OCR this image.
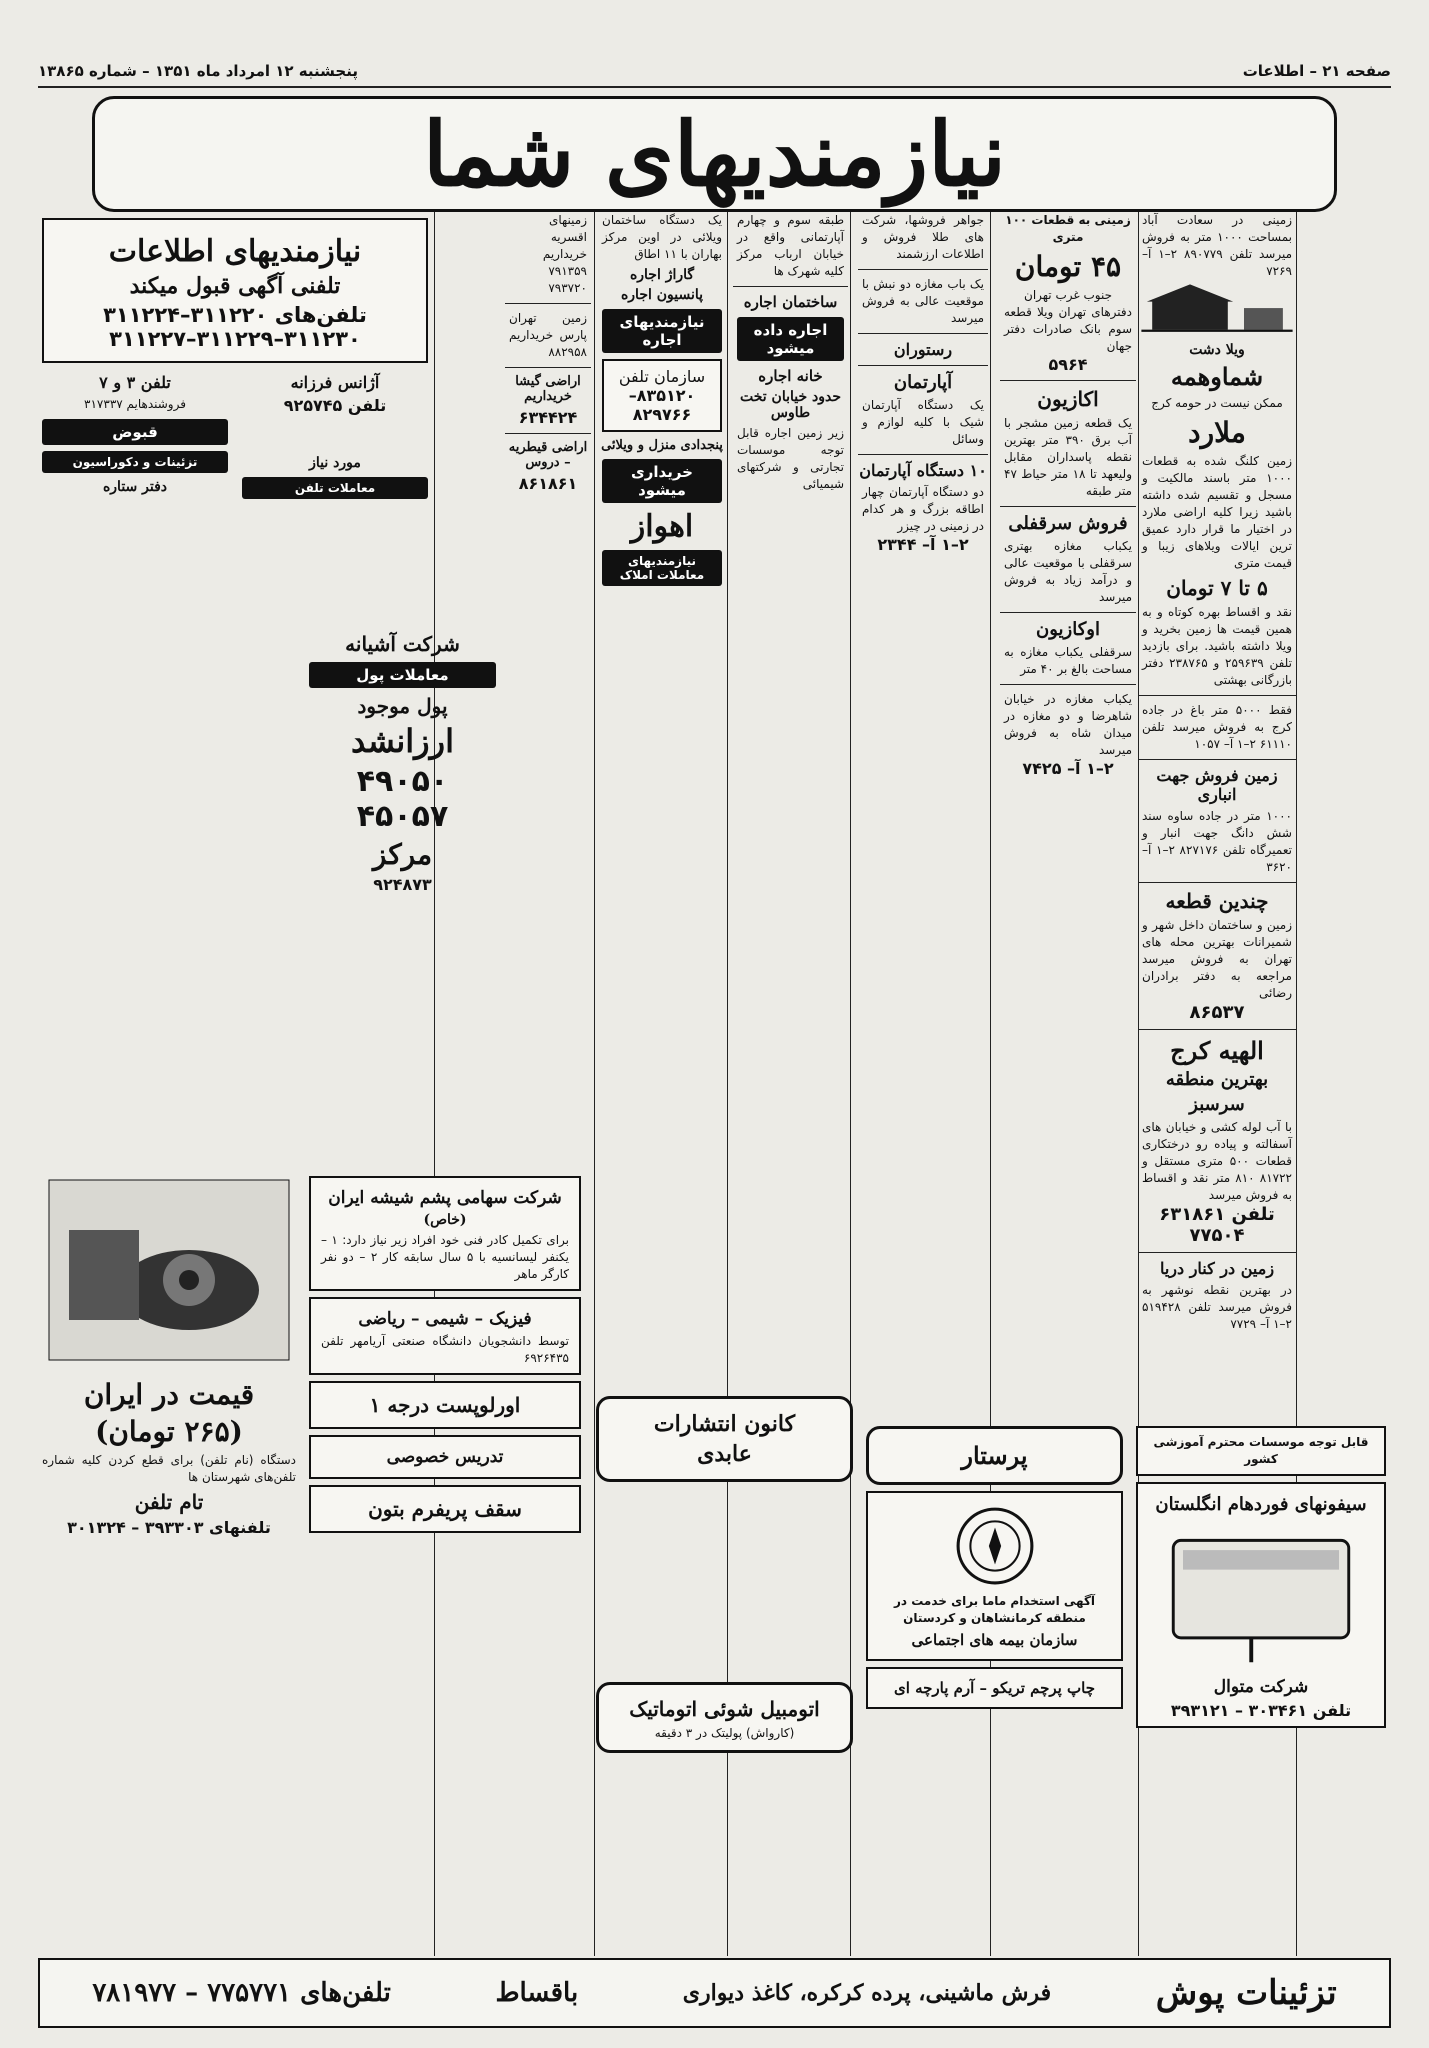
صفحه ۲۱ – اطلاعات
پنجشنبه ۱۲ امرداد ماه ۱۳۵۱ – شماره ۱۳۸۶۵
نیازمندیهای شما
زمینی در سعادت آباد بمساحت ۱۰۰۰ متر به فروش میرسد تلفن ۸۹۰۷۷۹ ۲–۱ آ– ۷۲۶۹
ویلا دشت
شماوهمه
ممکن نیست در حومه کرج
ملارد
زمین کلنگ شده به قطعات ۱۰۰۰ متر باسند مالکیت و مسجل و تقسیم شده داشته باشید زیرا کلیه اراضی ملارد در اختیار ما قرار دارد عمیق ترین ایالات ویلاهای زیبا و قیمت متری
۵ تا ۷ تومان
نقد و اقساط بهره کوتاه و به همین قیمت ها زمین بخرید و ویلا داشته باشید. برای بازدید تلفن ۲۵۹۶۳۹ و ۲۳۸۷۶۵ دفتر بازرگانی بهشتی
فقط ۵۰۰۰ متر باغ در جاده کرج به فروش میرسد تلفن ۶۱۱۱۰ ۲–۱ آ– ۱۰۵۷
زمین فروش جهت انباری
۱۰۰۰ متر در جاده ساوه سند شش دانگ جهت انبار و تعمیرگاه تلفن ۸۲۷۱۷۶ ۲–۱ آ– ۳۶۲۰
چندین قطعه
زمین و ساختمان داخل شهر و شمیرانات بهترین محله های تهران به فروش میرسد مراجعه به دفتر برادران رضائی
۸۶۵۳۷
الهیه کرج
بهترین منطقه
سرسبز
با آب لوله کشی و خیابان های آسفالته و پیاده رو درختکاری قطعات ۵۰۰ متری مستقل و ۸۱۷۲۲ ۸۱۰ متر نقد و اقساط به فروش میرسد
تلفن ۶۳۱۸۶۱
۷۷۵۰۴
زمین در کنار دریا
در بهترین نقطه نوشهر به فروش میرسد تلفن ۵۱۹۴۲۸ ۲–۱ آ– ۷۷۲۹
زمینی به قطعات ۱۰۰ متری
۴۵ تومان
جنوب غرب تهران
دفترهای تهران ویلا قطعه سوم بانک صادرات دفتر جهان
۵۹۶۴
اکازیون
یک قطعه زمین مشجر با آب برق ۳۹۰ متر بهترین نقطه پاسداران مقابل ولیعهد تا ۱۸ متر حیاط ۴۷ متر طبقه
فروش سرقفلی
یکباب مغازه بهتری سرقفلی با موقعیت عالی و درآمد زیاد به فروش میرسد
اوکازیون
سرقفلی یکباب مغازه به مساحت بالغ بر ۴۰ متر
یکباب مغازه در خیابان شاهرضا و دو مغازه در میدان شاه به فروش میرسد
۲–۱ آ– ۷۴۲۵
جواهر فروشها، شرکت های طلا فروش و اطلاعات ارزشمند
یک باب مغازه دو نبش با موقعیت عالی به فروش میرسد
رستوران
آپارتمان
یک دستگاه آپارتمان شیک با کلیه لوازم و وسائل
۱۰ دستگاه آپارتمان
دو دستگاه آپارتمان چهار اطاقه بزرگ و هر کدام در زمینی در چیزر
۲–۱ آ– ۲۳۴۴
طبقه سوم و چهارم آپارتمانی واقع در خیابان ارباب مرکز کلیه شهرک ها
ساختمان اجاره
اجاره داده میشود
خانه اجاره
حدود خیابان تخت طاوس
زیر زمین اجاره قابل توجه موسسات تجارتی و شرکتهای شیمیائی
یک دستگاه ساختمان ویلائی در اوین مرکز بهاران با ۱۱ اطاق
گاراژ اجاره
پانسیون اجاره
نیازمندیهای اجاره
سازمان تلفن
۸۳۵۱۲۰–۸۲۹۷۶۶
پنجدادی منزل و ویلائی
خریداری میشود
اهواز
نیازمندیهای معاملات املاک
زمینهای اقسریه خریداریم ۷۹۱۳۵۹ ۷۹۳۷۲۰
زمین تهران پارس خریداریم ۸۸۲۹۵۸
اراضی گیشا خریداریم
۶۳۴۴۲۴
اراضی قیطریه – دروس
۸۶۱۸۶۱
شرکت آشیانه
معاملات پول
پول موجود
ارزانشد
۴۹۰۵۰
۴۵۰۵۷
مرکز
۹۲۴۸۷۳
نیازمندیهای اطلاعات
تلفنی آگهی قبول میکند
تلفن‌های ۳۱۱۲۲۰–۳۱۱۲۲۴
۳۱۱۲۳۰–۳۱۱۲۲۹–۳۱۱۲۲۷
آژانس فرزانه
تلفن ۹۲۵۷۴۵
مورد نیاز
معاملات تلفن
تلفن ۳ و ۷
فروشندهایم ۳۱۷۳۳۷
قبوض
تزئینات و دکوراسیون
دفتر ستاره
قیمت در ایران
(۲۶۵ تومان)
دستگاه (نام تلفن) برای قطع کردن کلیه شماره تلفن‌های شهرستان ها
تام تلفن
تلفنهای ۳۹۳۳۰۳ – ۳۰۱۳۲۴
شرکت سهامی پشم شیشه ایران
(خاص)
برای تکمیل کادر فنی خود افراد زیر نیاز دارد: ۱ – یکنفر لیسانسیه با ۵ سال سابقه کار ۲ – دو نفر کارگر ماهر
فیزیک – شیمی – ریاضی
توسط دانشجویان دانشگاه صنعتی آریامهر تلفن ۶۹۲۶۴۳۵
اورلوپست درجه ۱
تدریس خصوصی
سقف پریفرم بتون
کانون انتشارات
عابدی
اتومبیل شوئی اتوماتیک
(کارواش) پولیتک در ۳ دقیقه
پرستار
آگهی استخدام ماما برای خدمت در منطقه کرمانشاهان و کردستان
سازمان بیمه های اجتماعی
چاپ پرچم تریکو – آرم پارچه ای
قابل توجه موسسات محترم آموزشی کشور
سیفونهای فوردهام انگلستان
شرکت متوال
تلفن ۳۰۳۴۶۱ – ۳۹۳۱۲۱
تزئینات پوش
فرش ماشینی، پرده کرکره، کاغذ دیواری
باقساط
تلفن‌های ۷۷۵۷۷۱ – ۷۸۱۹۷۷
